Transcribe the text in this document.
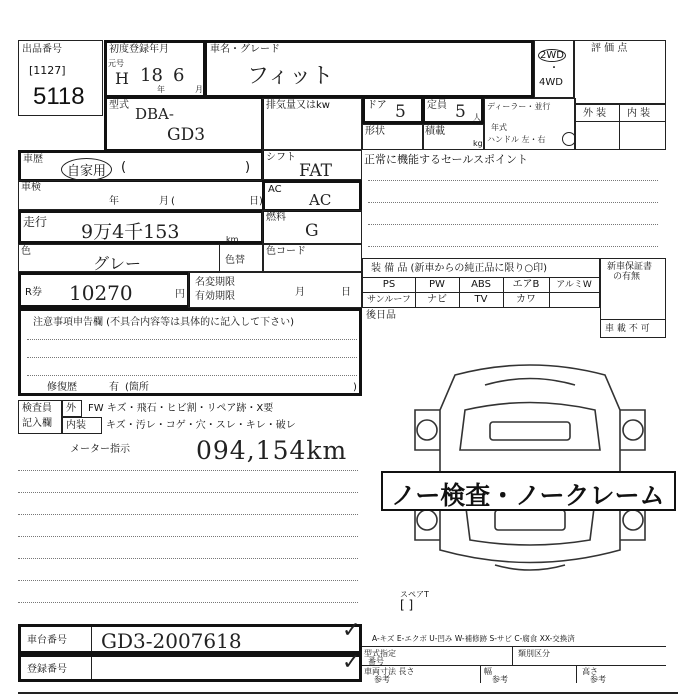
出品番号
[1127]
5118
初度登録年月
元号
H 18
年
6
月
車名・グレード
フィット
2WD
・
4WD
評 価 点
型式 DBA-
GD3
排気量又はkw	ドア 5 定員 5 人
ディーラー・並行
年式
ハンドル 左・右
外 装 内 装
形状	積載
kg
車歴
自家用	(	)
シフト
FAT
正常に機能するセールスポイント
車検
年	月 (	日 )
AC
AC
走行 9万4千153	km
燃料
G
色
グレー	色替
色コード
装 備 品 (新車からの純正品に限り○印)
PS	PW	ABS	エアB	アルミW
サンルーフ	ナビ	TV	カワ
新車保証書
の有無
車 載 不 可
後日品
R券 10270	円
名変期限
有効期限	月	日
注意事項申告欄 (不具合内容等は具体的に記入して下さい)
修復歴	有 (箇所	)
検査員
記入欄
外 FW キズ・飛石・ヒビ割・リペア跡・X要
内装 キズ・汚レ・コゲ・穴・スレ・キレ・破レ
メーター指示	094,154km
ノー検査・ノークレーム
スペアT
[ ]
車台番号 GD3-2007618	✓
登録番号	✓
A-キズ E-エクボ U-凹み W-補修跡 S-サビ C-腐食 XX-交換済
型式指定	類別区分
番号
車両寸法 長さ	幅	高さ
参考	参考	参考
